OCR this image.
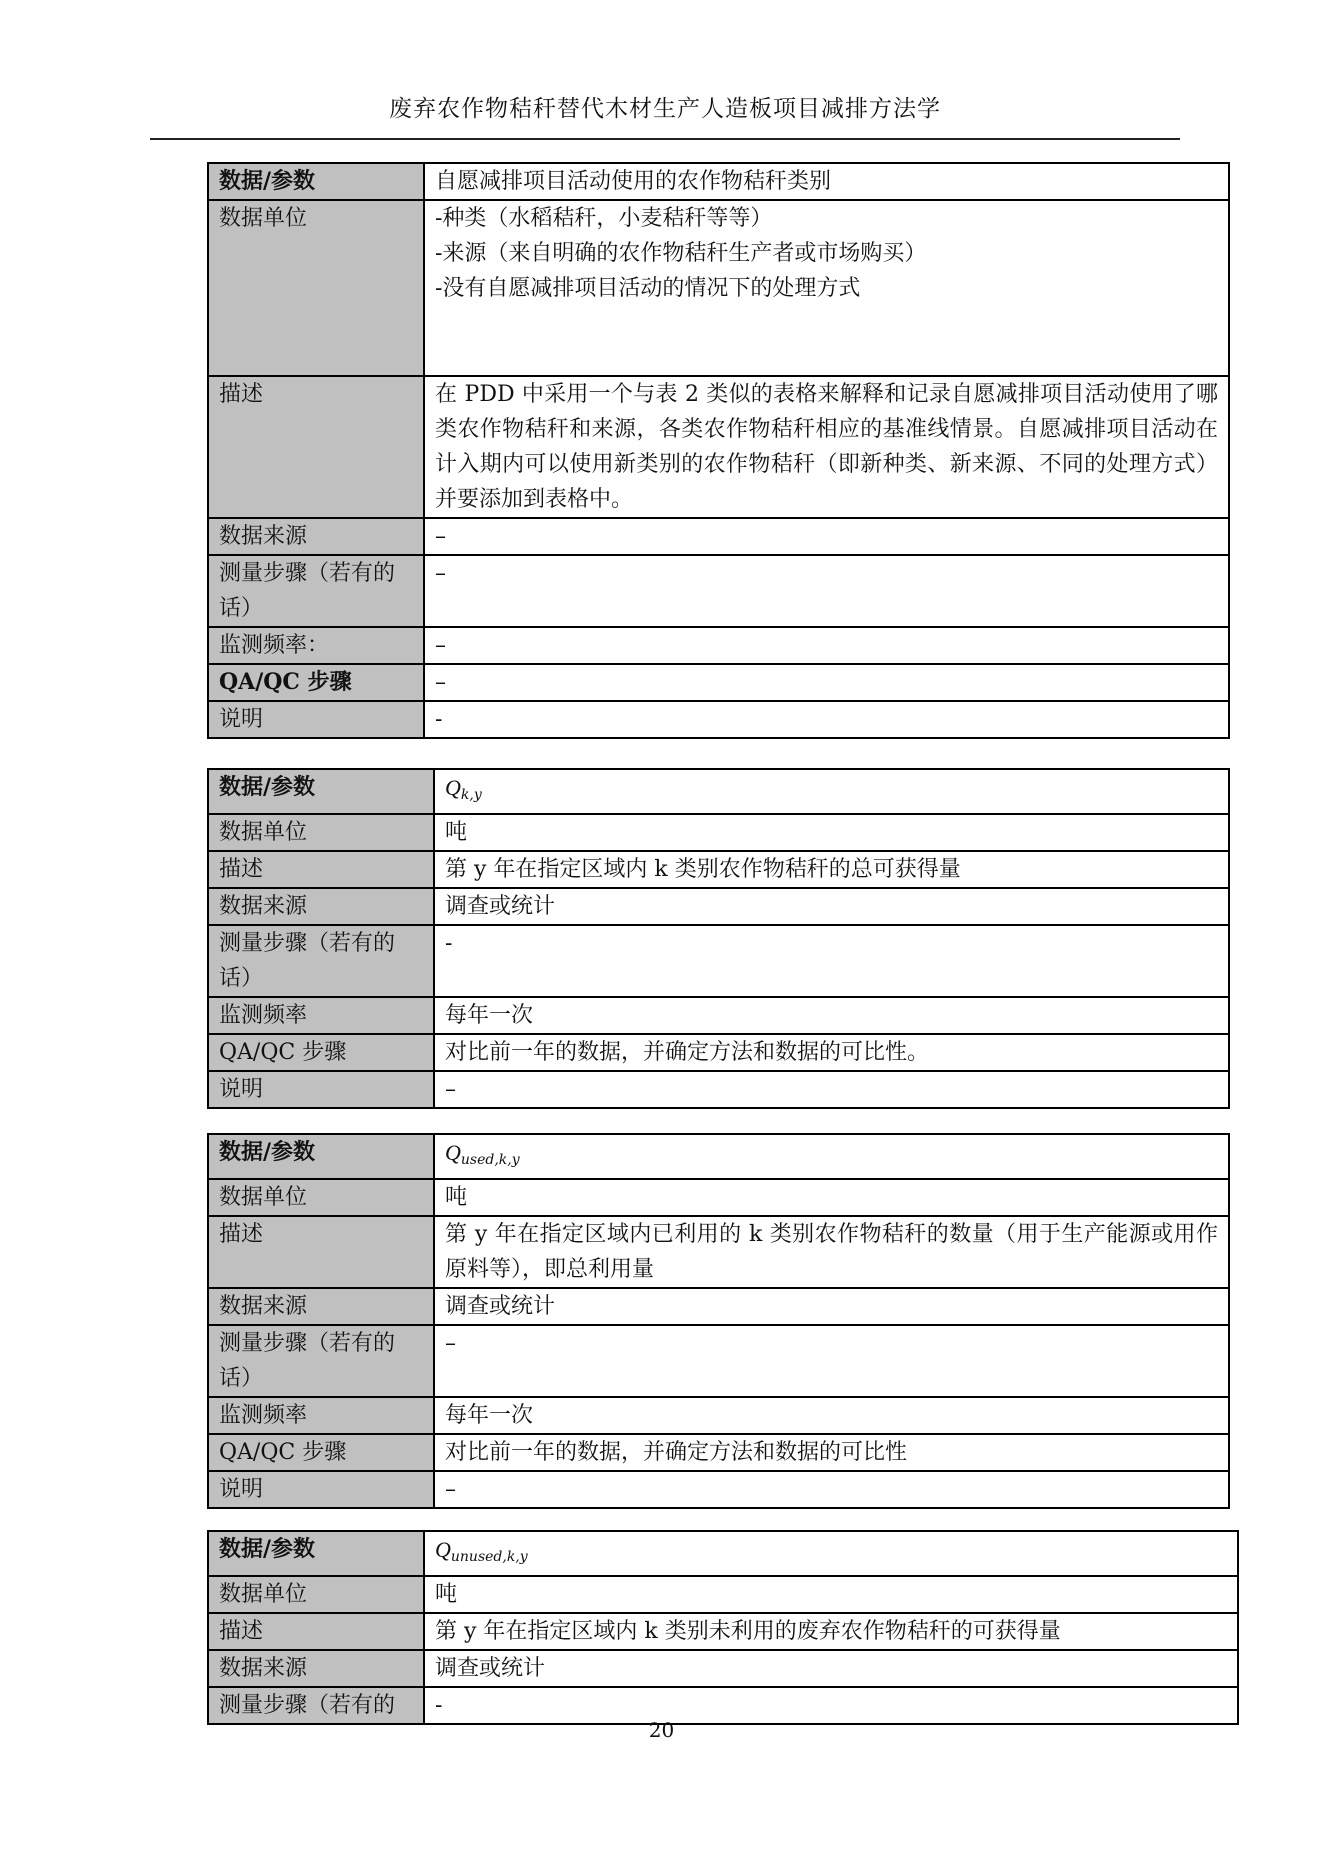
废弃农作物秸秆替代木材生产人造板项目减排方法学
数据/参数	自愿减排项目活动使用的农作物秸秆类别
数据单位	-种类（水稻秸秆，小麦秸秆等等）
-来源（来自明确的农作物秸秆生产者或市场购买）
-没有自愿减排项目活动的情况下的处理方式

描述	在 PDD 中采用一个与表 2 类似的表格来解释和记录自愿减排项目活动使用了哪类农作物秸秆和来源，各类农作物秸秆相应的基准线情景。自愿减排项目活动在计入期内可以使用新类别的农作物秸秆（即新种类、新来源、不同的处理方式）并要添加到表格中。
数据来源	–
测量步骤（若有的话）	–
监测频率：	–
QA/QC 步骤	–
说明	-
数据/参数	$Q_{k,y}$
数据单位	吨
描述	第 y 年在指定区域内 k 类别农作物秸秆的总可获得量
数据来源	调查或统计
测量步骤（若有的话）	-
监测频率	每年一次
QA/QC 步骤	对比前一年的数据，并确定方法和数据的可比性。
说明	–
数据/参数	$Q_{used,k,y}$
数据单位	吨
描述	第 y 年在指定区域内已利用的 k 类别农作物秸秆的数量（用于生产能源或用作原料等），即总利用量
数据来源	调查或统计
测量步骤（若有的话）	–
监测频率	每年一次
QA/QC 步骤	对比前一年的数据，并确定方法和数据的可比性
说明	–
数据/参数	$Q_{unused,k,y}$
数据单位	吨
描述	第 y 年在指定区域内 k 类别未利用的废弃农作物秸秆的可获得量
数据来源	调查或统计
测量步骤（若有的	-
20
